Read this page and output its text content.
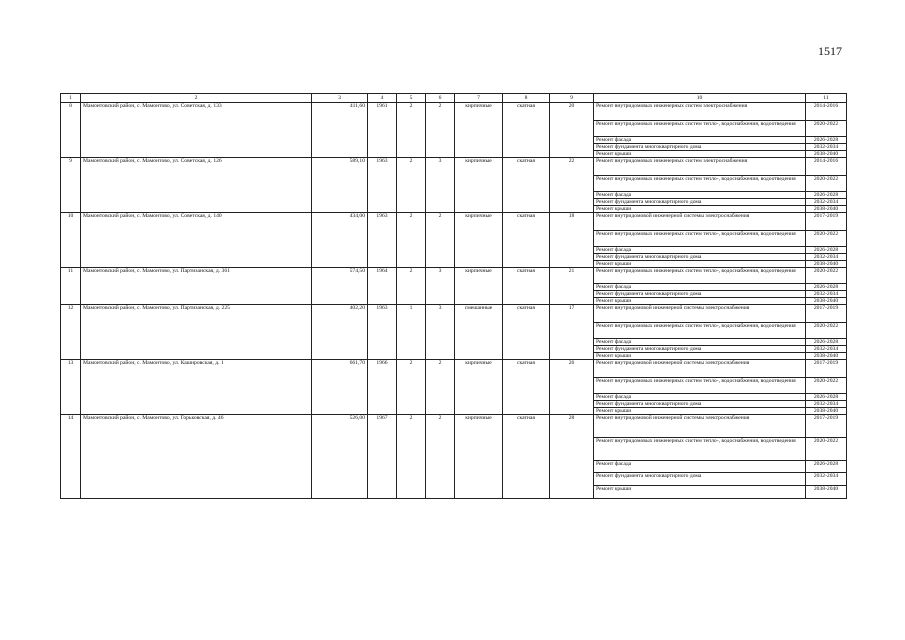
1517
1	2	3	4	5	6	7	8	9	10	11
8	Мамонтовский район, с. Мамонтово, ул. Советская, д. 133	411,60	1961	2	2	кирпичные	скатная	20	Ремонт внутридомовых инженерных систем электроснабжения	2014-2016
									Ремонт внутридомовых инженерных систем тепло-, водоснабжения, водоотведения	2020-2022
									Ремонт фасада	2026-2028
									Ремонт фундамента многоквартирного дома	2032-2034
									Ремонт крыши	2038-2040
9	Мамонтовский район, с. Мамонтово, ул. Советская, д. 126	589,10	1963	2	3	кирпичные	скатная	22	Ремонт внутридомовых инженерных систем электроснабжения	2014-2016
									Ремонт внутридомовых инженерных систем тепло-, водоснабжения, водоотведения	2020-2022
									Ремонт фасада	2026-2028
									Ремонт фундамента многоквартирного дома	2032-2034
									Ремонт крыши	2038-2040
10	Мамонтовский район, с. Мамонтово, ул. Советская, д. 140	434,00	1963	2	2	кирпичные	скатная	18	Ремонт внутридомовой инженерной системы электроснабжения	2017-2019
									Ремонт внутридомовых инженерных систем тепло-, водоснабжения, водоотведения	2020-2022
									Ремонт фасада	2026-2028
									Ремонт фундамента многоквартирного дома	2032-2034
									Ремонт крыши	2038-2040
11	Мамонтовский район, с. Мамонтово, ул. Партизанская, д. 361	574,50	1964	2	3	кирпичные	скатная	21	Ремонт внутридомовых инженерных систем тепло-, водоснабжения, водоотведения	2020-2022
									Ремонт фасада	2026-2028
									Ремонт фундамента многоквартирного дома	2032-2034
									Ремонт крыши	2038-2040
12	Мамонтовский район, с. Мамонтово, ул. Партизанская, д. 225	402,20	1963	1	3	смешанные	скатная	17	Ремонт внутридомовой инженерной системы электроснабжения	2017-2019
									Ремонт внутридомовых инженерных систем тепло-, водоснабжения, водоотведения	2020-2022
									Ремонт фасада	2026-2028
									Ремонт фундамента многоквартирного дома	2032-2034
									Ремонт крыши	2038-2040
13	Мамонтовский район, с. Мамонтово, ул. Кашировская, д. 1	661,70	1966	2	2	кирпичные	скатная	26	Ремонт внутридомовой инженерной системы электроснабжения	2017-2019
									Ремонт внутридомовых инженерных систем тепло-, водоснабжения, водоотведения	2020-2022
									Ремонт фасада	2026-2028
									Ремонт фундамента многоквартирного дома	2032-2034
									Ремонт крыши	2038-2040
14	Мамонтовский район, с. Мамонтово, ул. Горьковская, д. 46	526,00	1967	2	2	кирпичные	скатная	28	Ремонт внутридомовой инженерной системы электроснабжения	2017-2019
									Ремонт внутридомовых инженерных систем тепло-, водоснабжения, водоотведения	2020-2022
									Ремонт фасада	2026-2028
									Ремонт фундамента многоквартирного дома	2032-2034
									Ремонт крыши	2038-2040
